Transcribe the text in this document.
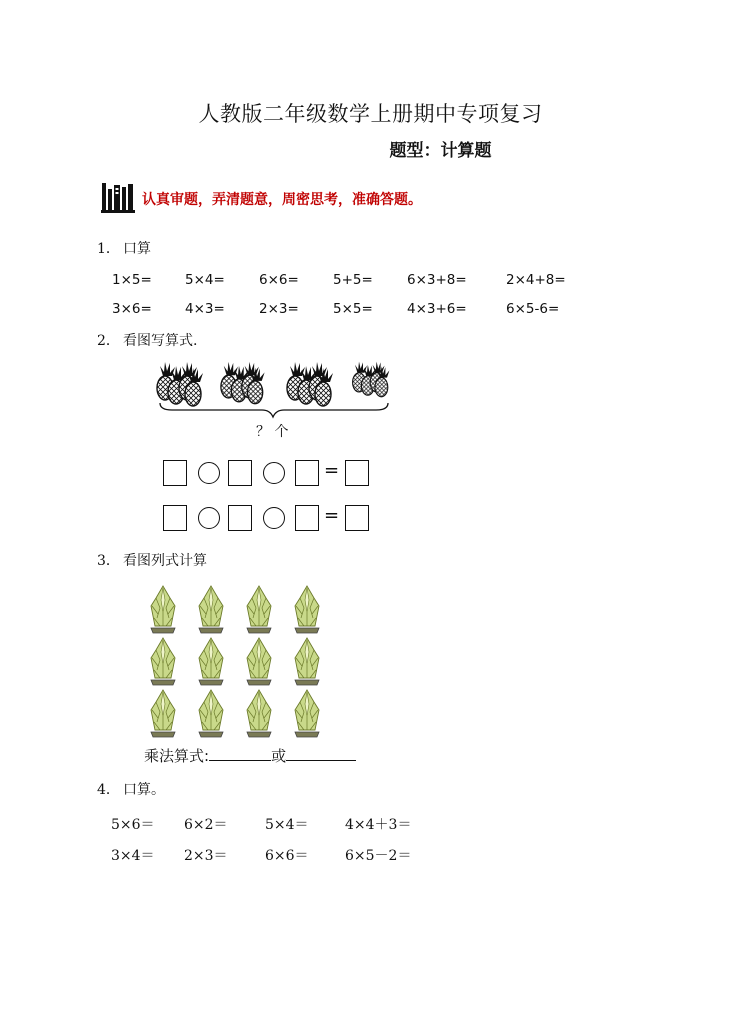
人教版二年级数学上册期中专项复习
题型：计算题
认真审题，弄清题意，周密思考，准确答题。
1． 口算
1×5= 5×4=	6×6=	5+5=	6×3+8=	2×4+8=
3×6= 4×3=	2×3=	5×5=	4×3+6=	6×5-6=
2． 看图写算式.
？ 个
=
=
3． 看图列式计算
乘法算式:	或
4． 口算。
5×6＝ 6×2＝	5×4＝	4×4＋3＝
3×4＝ 2×3＝	6×6＝	6×5－2＝
